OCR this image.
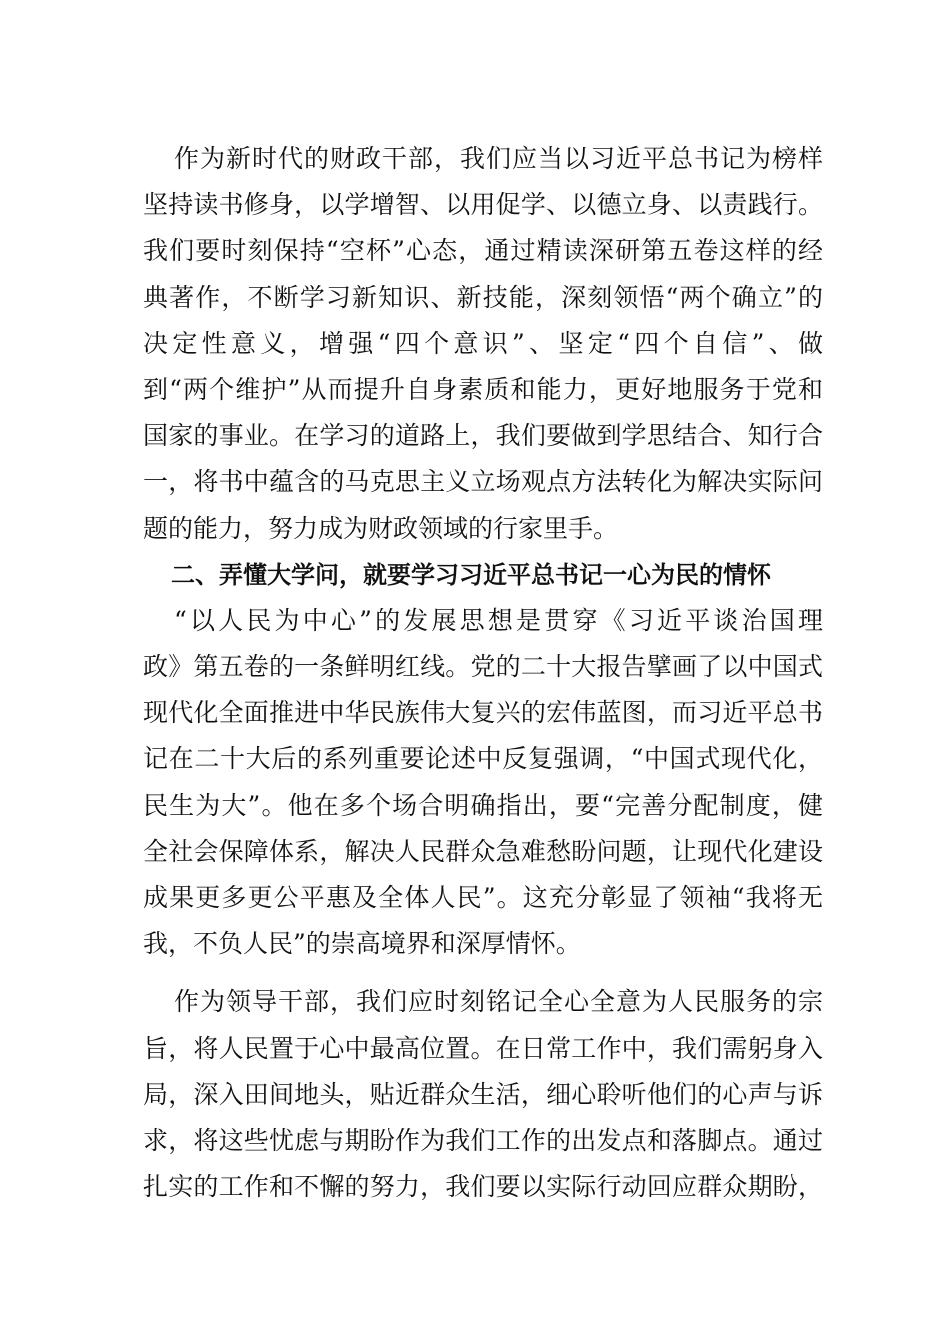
作为新时代的财政干部，我们应当以习近平总书记为榜样
坚持读书修身，以学增智、以用促学、以德立身、以责践行。
我们要时刻保持“空杯”心态，通过精读深研第五卷这样的经
典著作，不断学习新知识、新技能，深刻领悟“两个确立”的
决定性意义，增强“四个意识”、坚定“四个自信”、做
到“两个维护”从而提升自身素质和能力，更好地服务于党和
国家的事业。在学习的道路上，我们要做到学思结合、知行合
一，将书中蕴含的马克思主义立场观点方法转化为解决实际问
题的能力，努力成为财政领域的行家里手。
二、弄懂大学问，就要学习习近平总书记一心为民的情怀
“以人民为中心”的发展思想是贯穿《习近平谈治国理
政》第五卷的一条鲜明红线。党的二十大报告擘画了以中国式
现代化全面推进中华民族伟大复兴的宏伟蓝图，而习近平总书
记在二十大后的系列重要论述中反复强调，“中国式现代化，
民生为大”。他在多个场合明确指出，要“完善分配制度，健
全社会保障体系，解决人民群众急难愁盼问题，让现代化建设
成果更多更公平惠及全体人民”。这充分彰显了领袖“我将无
我，不负人民”的崇高境界和深厚情怀。
作为领导干部，我们应时刻铭记全心全意为人民服务的宗
旨，将人民置于心中最高位置。在日常工作中，我们需躬身入
局，深入田间地头，贴近群众生活，细心聆听他们的心声与诉
求，将这些忧虑与期盼作为我们工作的出发点和落脚点。通过
扎实的工作和不懈的努力，我们要以实际行动回应群众期盼，
